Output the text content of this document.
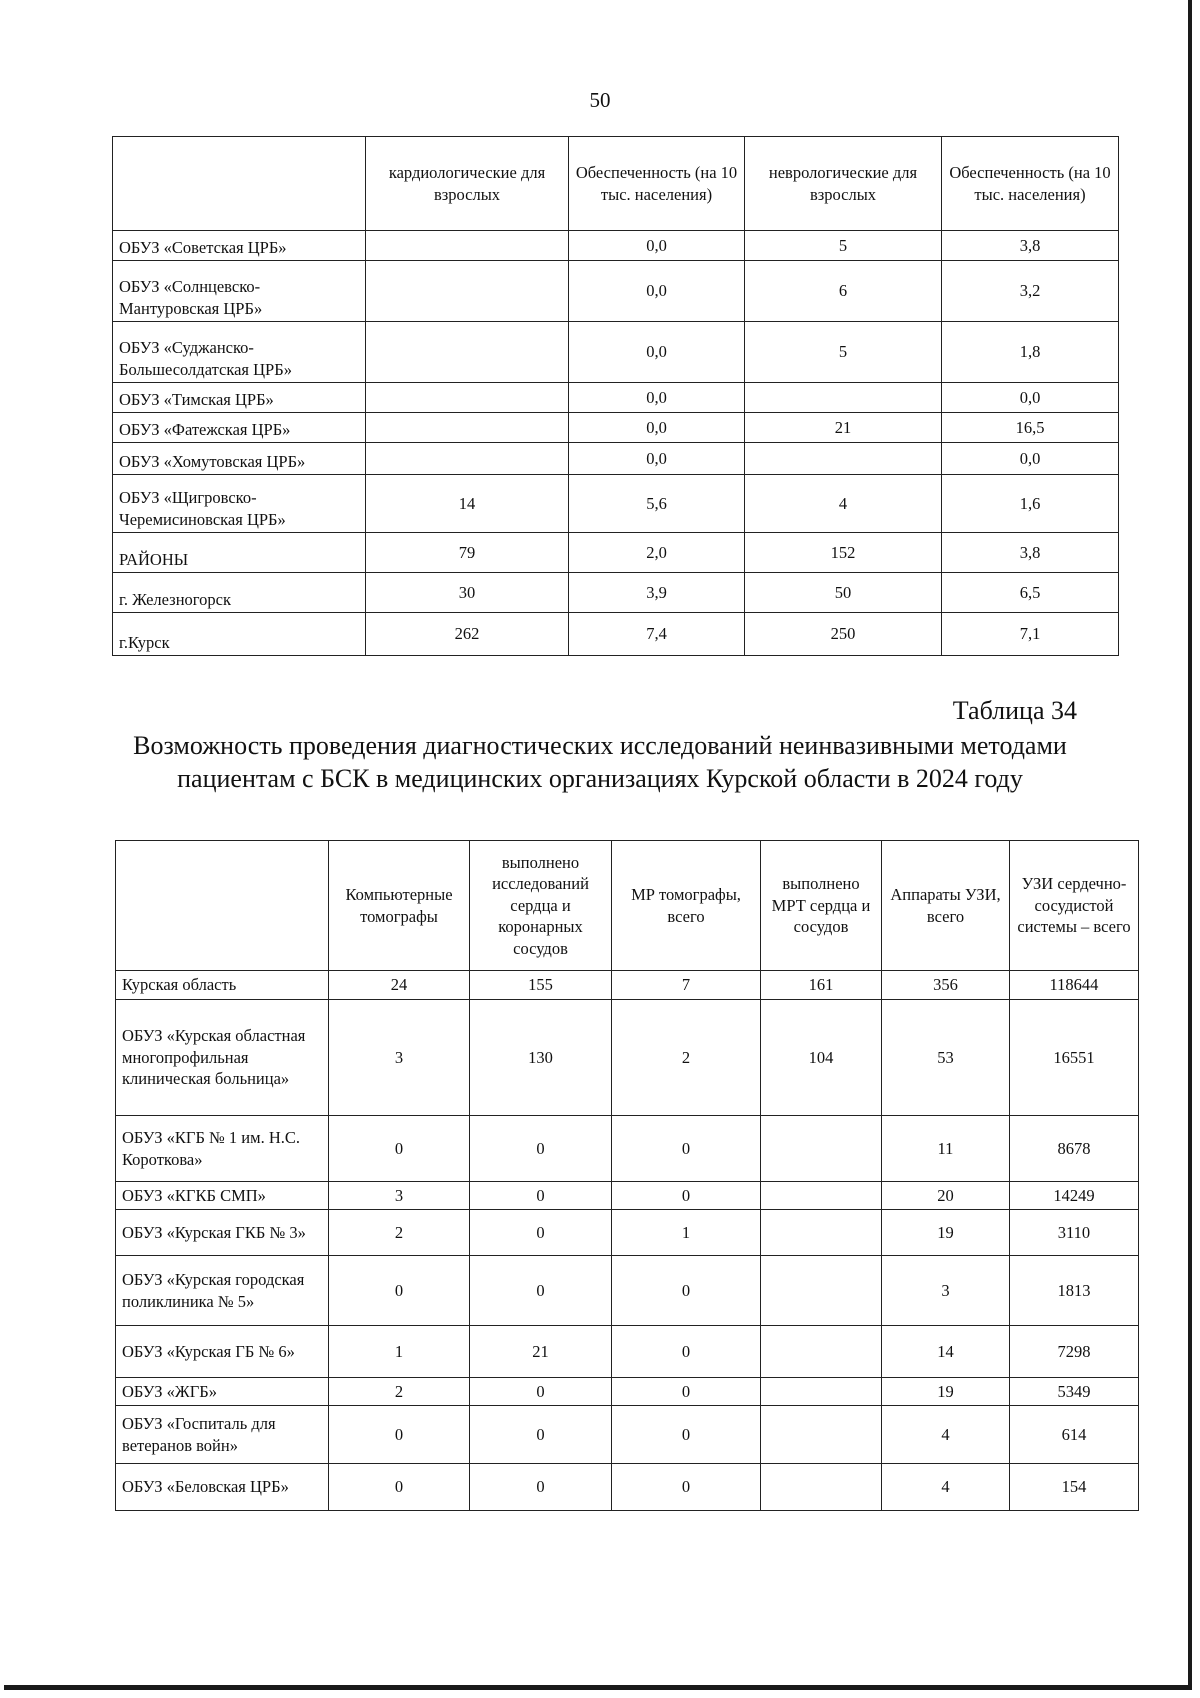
50
	кардиологические для взрослых	Обеспеченность (на 10 тыс. населения)	неврологические для взрослых	Обеспеченность (на 10 тыс. населения)
ОБУЗ «Советская ЦРБ»		0,0	5	3,8
ОБУЗ «Солнцевско-Мантуровская ЦРБ»		0,0	6	3,2
ОБУЗ «Суджанско-Большесолдатская ЦРБ»		0,0	5	1,8
ОБУЗ «Тимская ЦРБ»		0,0		0,0
ОБУЗ «Фатежская ЦРБ»		0,0	21	16,5
ОБУЗ «Хомутовская ЦРБ»		0,0		0,0
ОБУЗ «Щигровско-Черемисиновская ЦРБ»	14	5,6	4	1,6
РАЙОНЫ	79	2,0	152	3,8
г. Железногорск	30	3,9	50	6,5
г.Курск	262	7,4	250	7,1
Таблица 34
Возможность проведения диагностических исследований неинвазивными методами пациентам с БСК в медицинских организациях Курской области в 2024 году
	Компьютерные томографы	выполнено исследований сердца и коронарных сосудов	МР томографы, всего	выполнено МРТ сердца и сосудов	Аппараты УЗИ, всего	УЗИ сердечно-сосудистой системы – всего
Курская область	24	155	7	161	356	118644
ОБУЗ «Курская областная многопрофильная клиническая больница»	3	130	2	104	53	16551
ОБУЗ «КГБ № 1 им. Н.С. Короткова»	0	0	0		11	8678
ОБУЗ «КГКБ СМП»	3	0	0		20	14249
ОБУЗ «Курская ГКБ № 3»	2	0	1		19	3110
ОБУЗ «Курская городская поликлиника № 5»	0	0	0		3	1813
ОБУЗ «Курская ГБ № 6»	1	21	0		14	7298
ОБУЗ «ЖГБ»	2	0	0		19	5349
ОБУЗ «Госпиталь для ветеранов войн»	0	0	0		4	614
ОБУЗ «Беловская ЦРБ»	0	0	0		4	154
